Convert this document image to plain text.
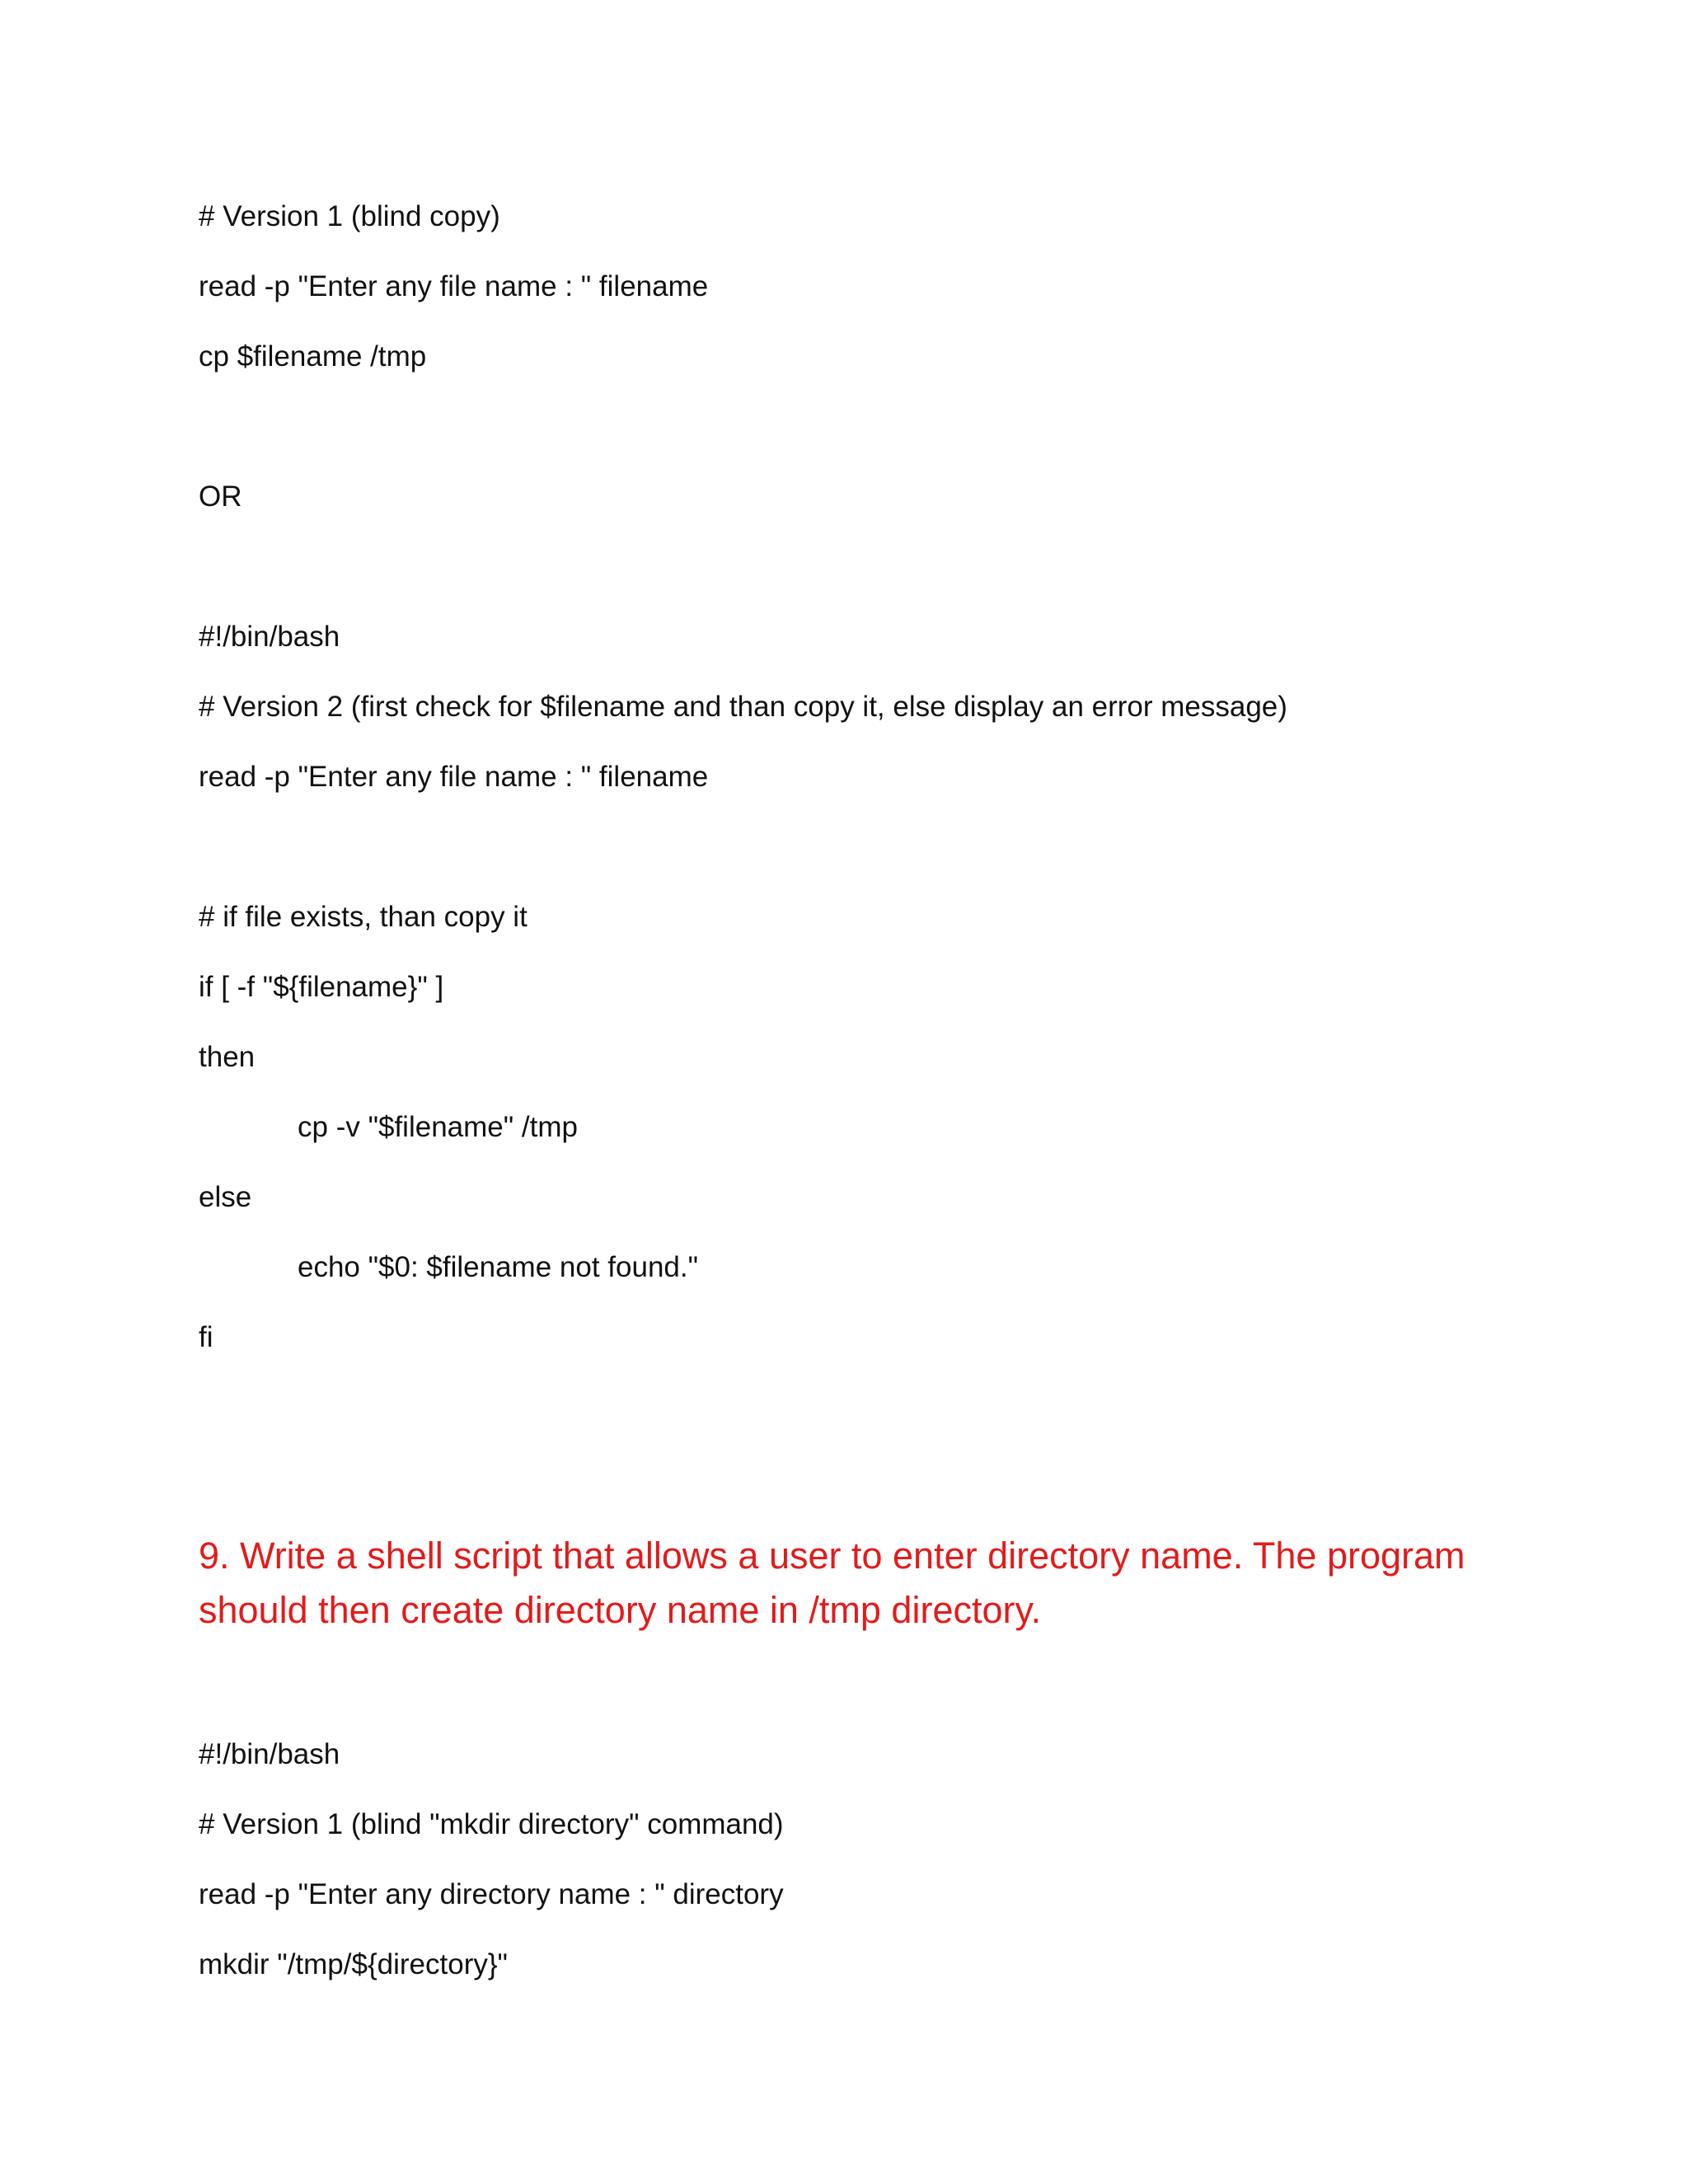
# Version 1 (blind copy)
read -p "Enter any file name : " filename
cp $filename /tmp
OR
#!/bin/bash
# Version 2 (first check for $filename and than copy it, else display an error message)
read -p "Enter any file name : " filename
# if file exists, than copy it
if [ -f "${filename}" ]
then
cp -v "$filename" /tmp
else
echo "$0: $filename not found."
fi
9. Write a shell script that allows a user to enter directory name. The program should then create directory name in /tmp directory.
#!/bin/bash
# Version 1 (blind "mkdir directory" command)
read -p "Enter any directory name : " directory
mkdir "/tmp/${directory}"
